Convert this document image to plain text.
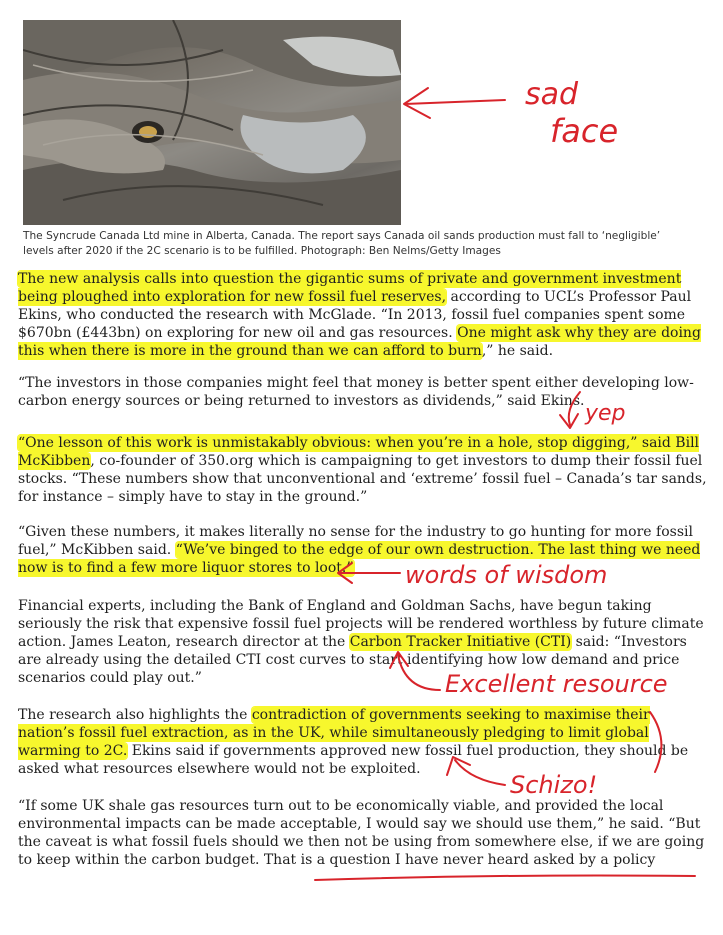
The Syncrude Canada Ltd mine in Alberta, Canada. The report says Canada oil sands production must fall to ‘negligible’ levels after 2020 if the 2C scenario is to be fulfilled. Photograph: Ben Nelms/Getty Images
The new analysis calls into question the gigantic sums of private and government investment being ploughed into exploration for new fossil fuel reserves, according to UCL’s Professor Paul Ekins, who conducted the research with McGlade. “In 2013, fossil fuel companies spent some $670bn (£443bn) on exploring for new oil and gas resources. One might ask why they are doing this when there is more in the ground than we can afford to burn,” he said.
“The investors in those companies might feel that money is better spent either developing low-carbon energy sources or being returned to investors as dividends,” said Ekins.
“One lesson of this work is unmistakably obvious: when you’re in a hole, stop digging,” said Bill McKibben, co-founder of 350.org which is campaigning to get investors to dump their fossil fuel stocks. “These numbers show that unconventional and ‘extreme’ fossil fuel – Canada’s tar sands, for instance – simply have to stay in the ground.”
“Given these numbers, it makes literally no sense for the industry to go hunting for more fossil fuel,” McKibben said. “We’ve binged to the edge of our own destruction. The last thing we need now is to find a few more liquor stores to loot.”
Financial experts, including the Bank of England and Goldman Sachs, have begun taking seriously the risk that expensive fossil fuel projects will be rendered worthless by future climate action. James Leaton, research director at the Carbon Tracker Initiative (CTI) said: “Investors are already using the detailed CTI cost curves to start identifying how low demand and price scenarios could play out.”
The research also highlights the contradiction of governments seeking to maximise their nation’s fossil fuel extraction, as in the UK, while simultaneously pledging to limit global warming to 2C. Ekins said if governments approved new fossil fuel production, they should be asked what resources elsewhere would not be exploited.
“If some UK shale gas resources turn out to be economically viable, and provided the local environmental impacts can be made acceptable, I would say we should use them,” he said. “But the caveat is what fossil fuels should we then not be using from somewhere else, if we are going to keep within the carbon budget. That is a question I have never heard asked by a policy
sad
face
yep
words of wisdom
Excellent resource
Schizo!
